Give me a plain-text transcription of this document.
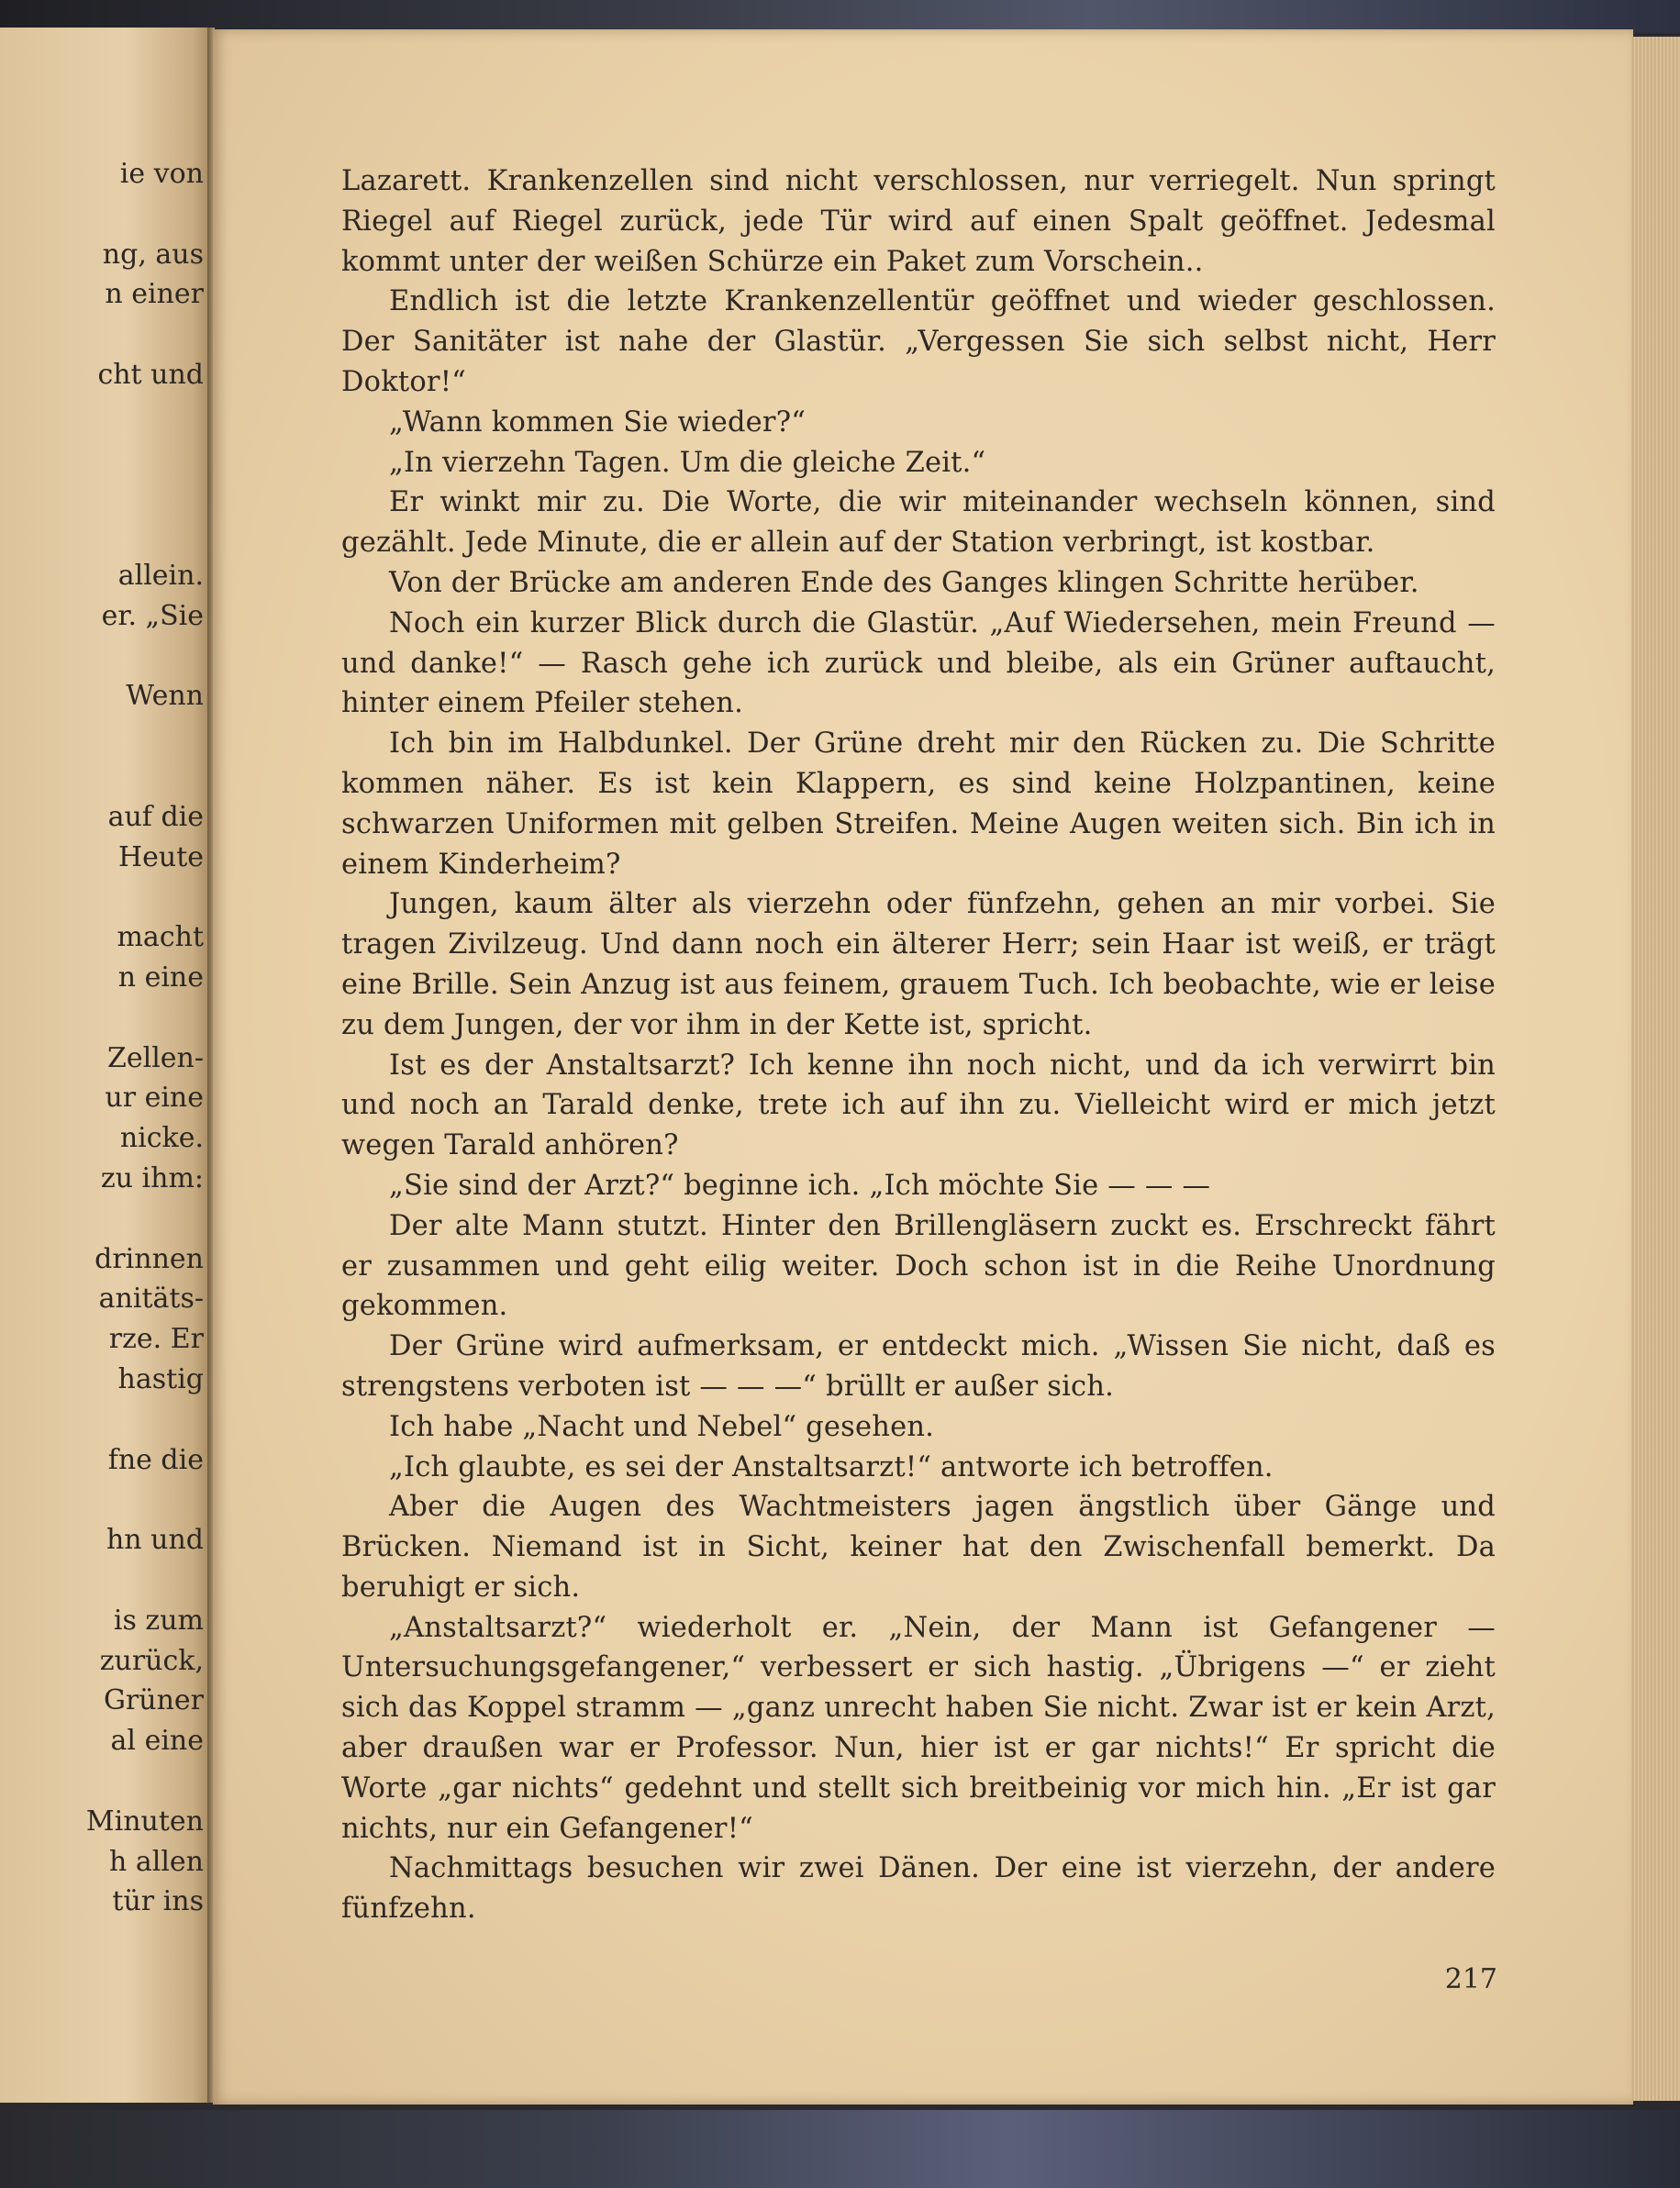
ie von
ng, aus
n einer
cht und
allein.
er. „Sie
Wenn
auf die
Heute
macht
n eine
Zellen-
ur eine
nicke.
zu ihm:
drinnen
anitäts-
rze. Er
hastig
fne die
hn und
is zum
zurück,
Grüner
al eine
Minuten
h allen
tür ins

Lazarett. Krankenzellen sind nicht verschlossen, nur verriegelt. Nun springt Riegel auf Riegel zurück, jede Tür wird auf einen Spalt geöffnet. Jedesmal kommt unter der weißen Schürze ein Paket zum Vorschein..

Endlich ist die letzte Krankenzellentür geöffnet und wieder geschlossen. Der Sanitäter ist nahe der Glastür. „Vergessen Sie sich selbst nicht, Herr Doktor!“

„Wann kommen Sie wieder?“

„In vierzehn Tagen. Um die gleiche Zeit.“

Er winkt mir zu. Die Worte, die wir miteinander wechseln können, sind gezählt. Jede Minute, die er allein auf der Station verbringt, ist kostbar.

Von der Brücke am anderen Ende des Ganges klingen Schritte herüber.

Noch ein kurzer Blick durch die Glastür. „Auf Wiedersehen, mein Freund — und danke!“ — Rasch gehe ich zurück und bleibe, als ein Grüner auftaucht, hinter einem Pfeiler stehen.

Ich bin im Halbdunkel. Der Grüne dreht mir den Rücken zu. Die Schritte kommen näher. Es ist kein Klappern, es sind keine Holzpantinen, keine schwarzen Uniformen mit gelben Streifen. Meine Augen weiten sich. Bin ich in einem Kinderheim?

Jungen, kaum älter als vierzehn oder fünfzehn, gehen an mir vorbei. Sie tragen Zivilzeug. Und dann noch ein älterer Herr; sein Haar ist weiß, er trägt eine Brille. Sein Anzug ist aus feinem, grauem Tuch. Ich beobachte, wie er leise zu dem Jungen, der vor ihm in der Kette ist, spricht.

Ist es der Anstaltsarzt? Ich kenne ihn noch nicht, und da ich verwirrt bin und noch an Tarald denke, trete ich auf ihn zu. Vielleicht wird er mich jetzt wegen Tarald anhören?

„Sie sind der Arzt?“ beginne ich. „Ich möchte Sie — — —

Der alte Mann stutzt. Hinter den Brillengläsern zuckt es. Erschreckt fährt er zusammen und geht eilig weiter. Doch schon ist in die Reihe Unordnung gekommen.

Der Grüne wird aufmerksam, er entdeckt mich. „Wissen Sie nicht, daß es strengstens verboten ist — — —“ brüllt er außer sich.

Ich habe „Nacht und Nebel“ gesehen.

„Ich glaubte, es sei der Anstaltsarzt!“ antworte ich betroffen.

Aber die Augen des Wachtmeisters jagen ängstlich über Gänge und Brücken. Niemand ist in Sicht, keiner hat den Zwischenfall bemerkt. Da beruhigt er sich.

„Anstaltsarzt?“ wiederholt er. „Nein, der Mann ist Gefangener — Untersuchungsgefangener,“ verbessert er sich hastig. „Übrigens —“ er zieht sich das Koppel stramm — „ganz unrecht haben Sie nicht. Zwar ist er kein Arzt, aber draußen war er Professor. Nun, hier ist er gar nichts!“ Er spricht die Worte „gar nichts“ gedehnt und stellt sich breitbeinig vor mich hin. „Er ist gar nichts, nur ein Gefangener!“

Nachmittags besuchen wir zwei Dänen. Der eine ist vierzehn, der andere fünfzehn.

217
